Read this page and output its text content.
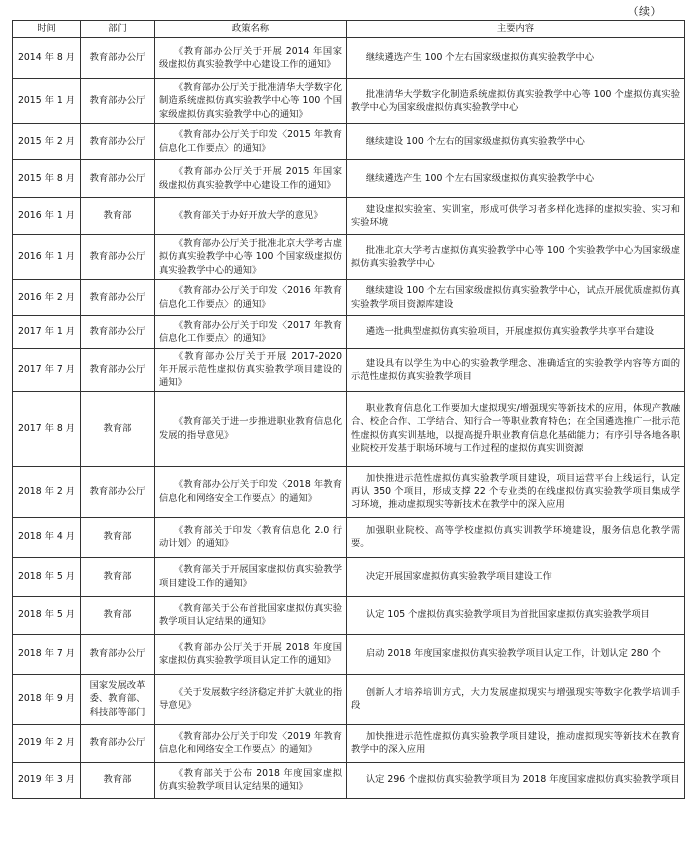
（续）
时间	部门	政策名称	主要内容
2014 年 8 月	教育部办公厅	《教育部办公厅关于开展 2014 年国家级虚拟仿真实验教学中心建设工作的通知》	继续遴选产生 100 个左右国家级虚拟仿真实验教学中心
2015 年 1 月	教育部办公厅	《教育部办公厅关于批准清华大学数字化制造系统虚拟仿真实验教学中心等 100 个国家级虚拟仿真实验教学中心的通知》	批准清华大学数字化制造系统虚拟仿真实验教学中心等 100 个虚拟仿真实验教学中心为国家级虚拟仿真实验教学中心
2015 年 2 月	教育部办公厅	《教育部办公厅关于印发〈2015 年教育信息化工作要点〉的通知》	继续建设 100 个左右的国家级虚拟仿真实验教学中心
2015 年 8 月	教育部办公厅	《教育部办公厅关于开展 2015 年国家级虚拟仿真实验教学中心建设工作的通知》	继续遴选产生 100 个左右国家级虚拟仿真实验教学中心
2016 年 1 月	教育部	《教育部关于办好开放大学的意见》	建设虚拟实验室、实训室，形成可供学习者多样化选择的虚拟实验、实习和实验环境
2016 年 1 月	教育部办公厅	《教育部办公厅关于批准北京大学考古虚拟仿真实验教学中心等 100 个国家级虚拟仿真实验教学中心的通知》	批准北京大学考古虚拟仿真实验教学中心等 100 个实验教学中心为国家级虚拟仿真实验教学中心
2016 年 2 月	教育部办公厅	《教育部办公厅关于印发〈2016 年教育信息化工作要点〉的通知》	继续建设 100 个左右国家级虚拟仿真实验教学中心，试点开展优质虚拟仿真实验教学项目资源库建设
2017 年 1 月	教育部办公厅	《教育部办公厅关于印发〈2017 年教育信息化工作要点〉的通知》	遴选一批典型虚拟仿真实验项目，开展虚拟仿真实验教学共享平台建设
2017 年 7 月	教育部办公厅	《教育部办公厅关于开展 2017-2020 年开展示范性虚拟仿真实验教学项目建设的通知》	建设具有以学生为中心的实验教学理念、准确适宜的实验教学内容等方面的示范性虚拟仿真实验教学项目
2017 年 8 月	教育部	《教育部关于进一步推进职业教育信息化发展的指导意见》	职业教育信息化工作要加大虚拟现实/增强现实等新技术的应用，体现产教融合、校企合作、工学结合、知行合一等职业教育特色；在全国遴选推广一批示范性虚拟仿真实训基地，以提高提升职业教育信息化基础能力；有序引导各地各职业院校开发基于职场环境与工作过程的虚拟仿真实训资源
2018 年 2 月	教育部办公厅	《教育部办公厅关于印发〈2018 年教育信息化和网络安全工作要点〉的通知》	加快推进示范性虚拟仿真实验教学项目建设，项目运营平台上线运行，认定再认 350 个项目，形成支撑 22 个专业类的在线虚拟仿真实验教学项目集成学习环境，推动虚拟现实等新技术在教学中的深入应用
2018 年 4 月	教育部	《教育部关于印发〈教育信息化 2.0 行动计划〉的通知》	加强职业院校、高等学校虚拟仿真实训教学环境建设，服务信息化教学需要。
2018 年 5 月	教育部	《教育部关于开展国家虚拟仿真实验教学项目建设工作的通知》	决定开展国家虚拟仿真实验教学项目建设工作
2018 年 5 月	教育部	《教育部关于公布首批国家虚拟仿真实验教学项目认定结果的通知》	认定 105 个虚拟仿真实验教学项目为首批国家虚拟仿真实验教学项目
2018 年 7 月	教育部办公厅	《教育部办公厅关于开展 2018 年度国家虚拟仿真实验教学项目认定工作的通知》	启动 2018 年度国家虚拟仿真实验教学项目认定工作，计划认定 280 个
2018 年 9 月	国家发展改革委、教育部、科技部等部门	《关于发展数字经济稳定并扩大就业的指导意见》	创新人才培养培训方式，大力发展虚拟现实与增强现实等数字化教学培训手段
2019 年 2 月	教育部办公厅	《教育部办公厅关于印发〈2019 年教育信息化和网络安全工作要点〉的通知》	加快推进示范性虚拟仿真实验教学项目建设，推动虚拟现实等新技术在教育教学中的深入应用
2019 年 3 月	教育部	《教育部关于公布 2018 年度国家虚拟仿真实验教学项目认定结果的通知》	认定 296 个虚拟仿真实验教学项目为 2018 年度国家虚拟仿真实验教学项目
